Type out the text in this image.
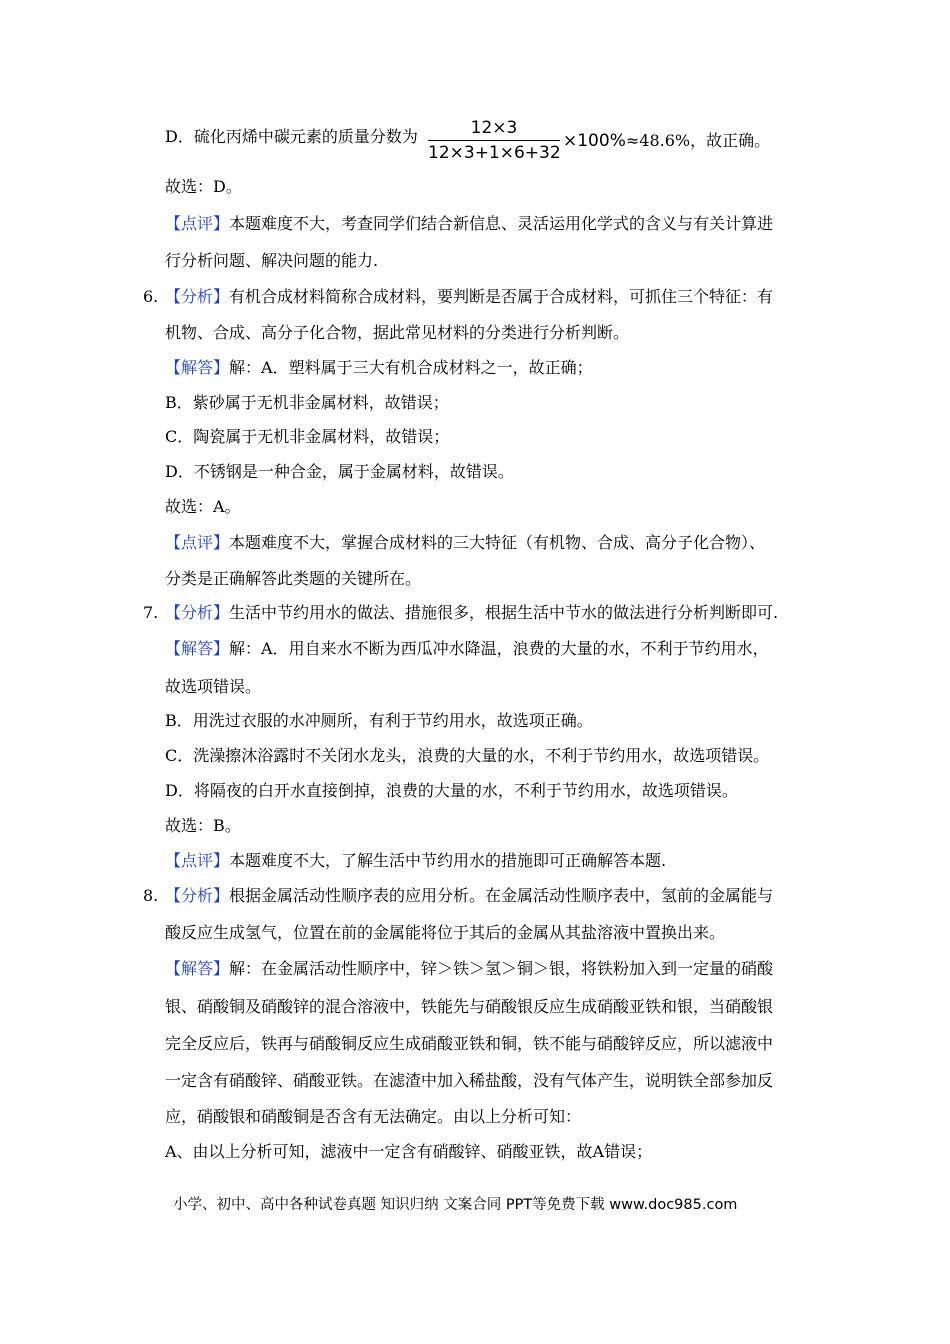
D．硫化丙烯中碳元素的质量分数为	12×3
12×3+1×6+32
×100%≈48.6%，故正确。
故选：D。
【点评】本题难度不大，考查同学们结合新信息、灵活运用化学式的含义与有关计算进
行分析问题、解决问题的能力.
6. 【分析】有机合成材料简称合成材料，要判断是否属于合成材料，可抓住三个特征：有
机物、合成、高分子化合物，据此常见材料的分类进行分析判断。
【解答】解：A．塑料属于三大有机合成材料之一，故正确；
B．紫砂属于无机非金属材料，故错误；
C．陶瓷属于无机非金属材料，故错误；
D．不锈钢是一种合金，属于金属材料，故错误。
故选：A。
【点评】本题难度不大，掌握合成材料的三大特征（有机物、合成、高分子化合物）、
分类是正确解答此类题的关键所在。
7. 【分析】生活中节约用水的做法、措施很多，根据生活中节水的做法进行分析判断即可.
【解答】解：A．用自来水不断为西瓜冲水降温，浪费的大量的水，不利于节约用水，
故选项错误。
B．用洗过衣服的水冲厕所，有利于节约用水，故选项正确。
C．洗澡擦沐浴露时不关闭水龙头，浪费的大量的水，不利于节约用水，故选项错误。
D．将隔夜的白开水直接倒掉，浪费的大量的水，不利于节约用水，故选项错误。
故选：B。
【点评】本题难度不大，了解生活中节约用水的措施即可正确解答本题.
8. 【分析】根据金属活动性顺序表的应用分析。在金属活动性顺序表中，氢前的金属能与
酸反应生成氢气，位置在前的金属能将位于其后的金属从其盐溶液中置换出来。
【解答】解：在金属活动性顺序中，锌＞铁＞氢＞铜＞银，将铁粉加入到一定量的硝酸
银、硝酸铜及硝酸锌的混合溶液中，铁能先与硝酸银反应生成硝酸亚铁和银，当硝酸银
完全反应后，铁再与硝酸铜反应生成硝酸亚铁和铜，铁不能与硝酸锌反应，所以滤液中
一定含有硝酸锌、硝酸亚铁。在滤渣中加入稀盐酸，没有气体产生，说明铁全部参加反
应，硝酸银和硝酸铜是否含有无法确定。由以上分析可知：
A、由以上分析可知，滤液中一定含有硝酸锌、硝酸亚铁，故A错误；
小学、初中、高中各种试卷真题 知识归纳 文案合同 PPT等免费下载 www.doc985.com
